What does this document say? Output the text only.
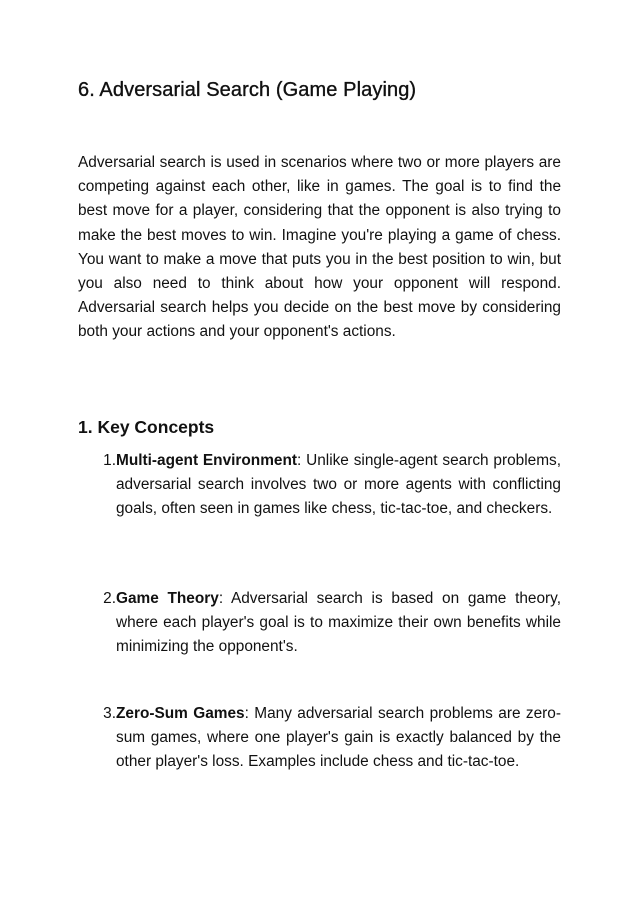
6. Adversarial Search (Game Playing)

Adversarial search is used in scenarios where two or more players are competing against each other, like in games. The goal is to find the best move for a player, considering that the opponent is also trying to make the best moves to win. Imagine you're playing a game of chess. You want to make a move that puts you in the best position to win, but you also need to think about how your opponent will respond. Adversarial search helps you decide on the best move by considering both your actions and your opponent's actions.

1. Key Concepts
1. Multi-agent Environment: Unlike single-agent search problems, adversarial search involves two or more agents with conflicting goals, often seen in games like chess, tic-tac-toe, and checkers.
2. Game Theory: Adversarial search is based on game theory, where each player's goal is to maximize their own benefits while minimizing the opponent's.
3. Zero-Sum Games: Many adversarial search problems are zero-sum games, where one player's gain is exactly balanced by the other player's loss. Examples include chess and tic-tac-toe.
